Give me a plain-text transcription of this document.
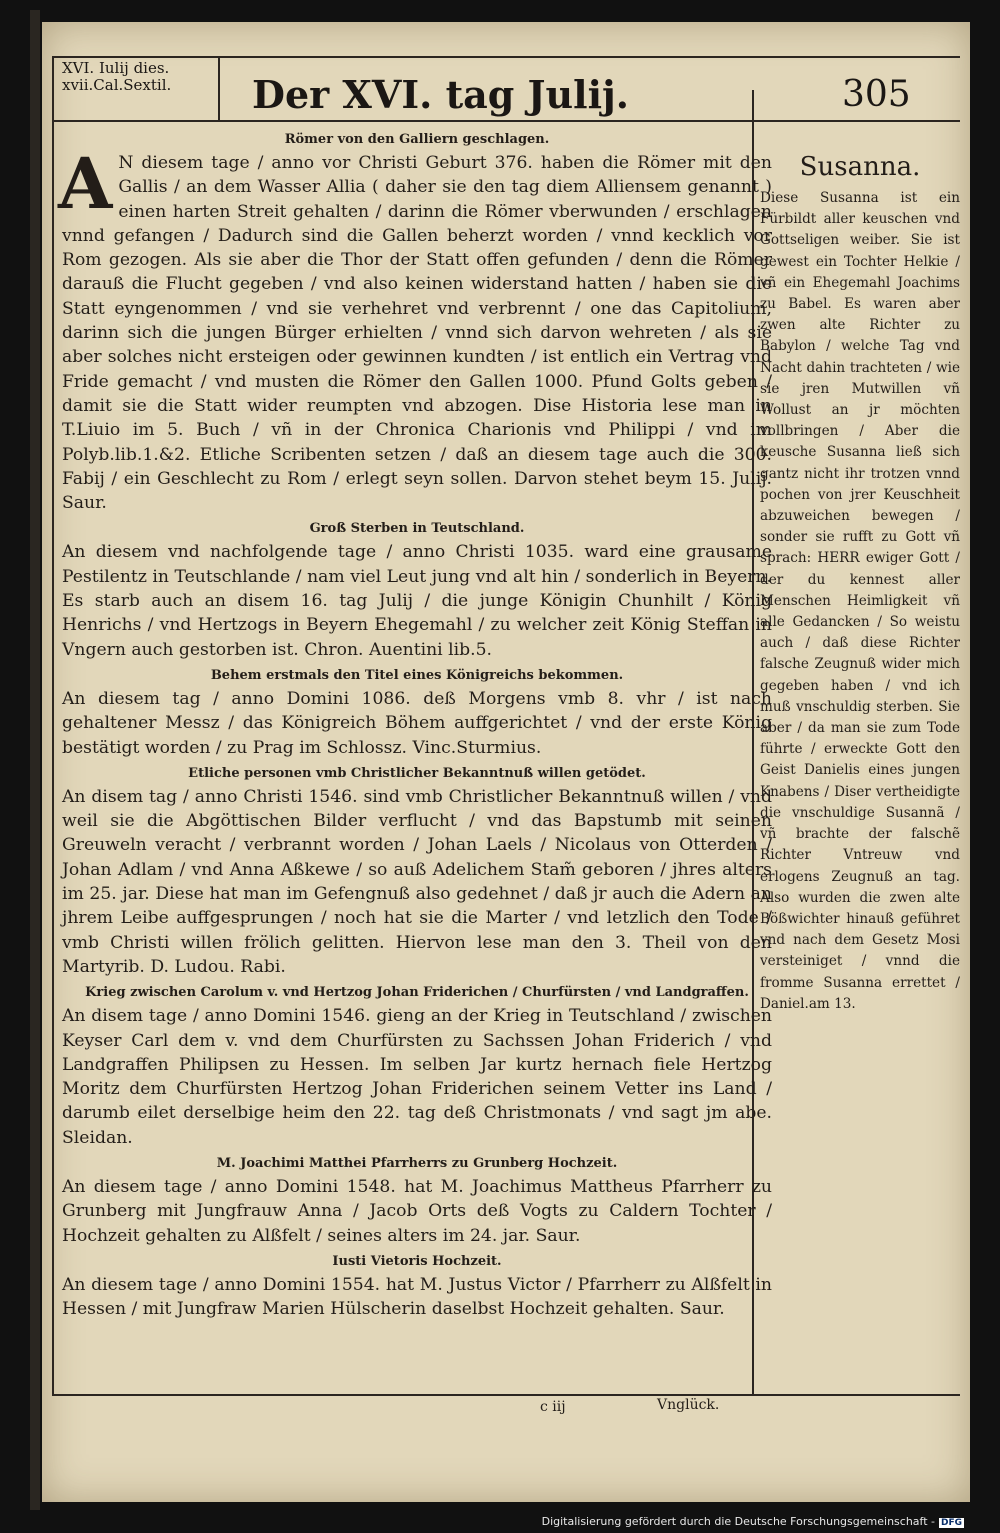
XVI. Iulij dies.
xvii.Cal.Sextil. Der XVI. tag Julij.	305
Römer von den Galliern geschlagen.
AN diesem tage / anno vor Christi Geburt 376. haben die Römer mit den Gallis / an dem Wasser Allia ( daher sie den tag diem Alliensem genannt ) einen harten Streit gehalten / darinn die Römer vberwunden / erschlagen vnnd gefangen / Dadurch sind die Gallen beherzt worden / vnnd kecklich vor Rom gezogen. Als sie aber die Thor der Statt offen gefunden / denn die Römer darauß die Flucht gegeben / vnd also keinen widerstand hatten / haben sie die Statt eyngenommen / vnd sie verhehret vnd verbrennt / one das Capitolium, darinn sich die jungen Bürger erhielten / vnnd sich darvon wehreten / als sie aber solches nicht ersteigen oder gewinnen kundten / ist entlich ein Vertrag vnd Fride gemacht / vnd musten die Römer den Gallen 1000. Pfund Golts geben / damit sie die Statt wider reumpten vnd abzogen. Dise Historia lese man in T.Liuio im 5. Buch / vñ in der Chronica Charionis vnd Philippi / vnd im Polyb.lib.1.&2. Etliche Scribenten setzen / daß an diesem tage auch die 300. Fabij / ein Geschlecht zu Rom / erlegt seyn sollen. Darvon stehet beym 15. Julij. Saur.
Groß Sterben in Teutschland.
An diesem vnd nachfolgende tage / anno Christi 1035. ward eine grausame Pestilentz in Teutschlande / nam viel Leut jung vnd alt hin / sonderlich in Beyern. Es starb auch an disem 16. tag Julij / die junge Königin Chunhilt / König Henrichs / vnd Hertzogs in Beyern Ehegemahl / zu welcher zeit König Steffan in Vngern auch gestorben ist. Chron. Auentini lib.5.
Behem erstmals den Titel eines Königreichs bekommen.
An diesem tag / anno Domini 1086. deß Morgens vmb 8. vhr / ist nach gehaltener Messz / das Königreich Böhem auffgerichtet / vnd der erste König bestätigt worden / zu Prag im Schlossz. Vinc.Sturmius.
Etliche personen vmb Christlicher Bekanntnuß willen getödet.
An disem tag / anno Christi 1546. sind vmb Christlicher Bekanntnuß willen / vnd weil sie die Abgöttischen Bilder verflucht / vnd das Bapstumb mit seinen Greuweln veracht / verbrannt worden / Johan Laels / Nicolaus von Otterden / Johan Adlam / vnd Anna Aßkewe / so auß Adelichem Stam̃ geboren / jhres alters im 25. jar. Diese hat man im Gefengnuß also gedehnet / daß jr auch die Adern an jhrem Leibe auffgesprungen / noch hat sie die Marter / vnd letzlich den Tode / vmb Christi willen frölich gelitten. Hiervon lese man den 3. Theil von den Martyrib. D. Ludou. Rabi.
Krieg zwischen Carolum v. vnd Hertzog Johan Friderichen / Churfürsten / vnd Landgraffen.
An disem tage / anno Domini 1546. gieng an der Krieg in Teutschland / zwischen Keyser Carl dem v. vnd dem Churfürsten zu Sachssen Johan Friderich / vnd Landgraffen Philipsen zu Hessen. Im selben Jar kurtz hernach fiele Hertzog Moritz dem Churfürsten Hertzog Johan Friderichen seinem Vetter ins Land / darumb eilet derselbige heim den 22. tag deß Christmonats / vnd sagt jm abe. Sleidan.
M. Joachimi Matthei Pfarrherrs zu Grunberg Hochzeit.
An diesem tage / anno Domini 1548. hat M. Joachimus Mattheus Pfarrherr zu Grunberg mit Jungfrauw Anna / Jacob Orts deß Vogts zu Caldern Tochter / Hochzeit gehalten zu Alßfelt / seines alters im 24. jar. Saur.
Iusti Vietoris Hochzeit.
An diesem tage / anno Domini 1554. hat M. Justus Victor / Pfarrherr zu Alßfelt in Hessen / mit Jungfraw Marien Hülscherin daselbst Hochzeit gehalten. Saur.
Susanna.
Diese Susanna ist ein Fürbildt aller keuschen vnd Gottseligen weiber. Sie ist gewest ein Tochter Helkie / vñ ein Ehegemahl Joachims zu Babel. Es waren aber zwen alte Richter zu Babylon / welche Tag vnd Nacht dahin trachteten / wie sie jren Mutwillen vñ Wollust an jr möchten vollbringen / Aber die keusche Susanna ließ sich gantz nicht ihr trotzen vnnd pochen von jrer Keuschheit abzuweichen bewegen / sonder sie rufft zu Gott vñ sprach: HERR ewiger Gott / der du kennest aller Menschen Heimligkeit vñ alle Gedancken / So weistu auch / daß diese Richter falsche Zeugnuß wider mich gegeben haben / vnd ich muß vnschuldig sterben. Sie aber / da man sie zum Tode führte / erweckte Gott den Geist Danielis eines jungen Knabens / Diser vertheidigte die vnschuldige Susannã / vñ brachte der falschẽ Richter Vntreuw vnd erlogens Zeugnuß an tag. Also wurden die zwen alte Bößwichter hinauß geführet vnd nach dem Gesetz Mosi versteiniget / vnnd die fromme Susanna errettet / Daniel.am 13.
c iij	Vnglück.
Digitalisierung gefördert durch die Deutsche Forschungsgemeinschaft - DFG
